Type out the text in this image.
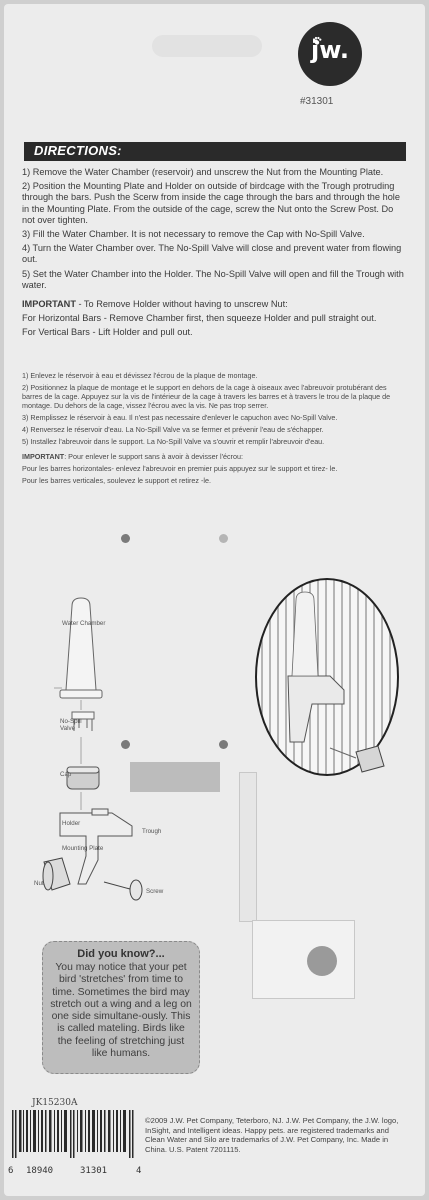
jw.
#31301
DIRECTIONS:

1) Remove the Water Chamber (reservoir) and unscrew the Nut from the Mounting Plate.

2) Position the Mounting Plate and Holder on outside of birdcage with the Trough protruding through the bars. Push the Scerw from inside the cage through the bars and through the hole in the Mounting Plate. From the outside of the cage, screw the Nut onto the Screw Post. Do not over tighten.

3) Fill the Water Chamber. It is not necessary to remove the Cap with No-Spill Valve.

4) Turn the Water Chamber over. The No-Spill Valve will close and prevent water from flowing out.

5) Set the Water Chamber into the Holder. The No-Spill Valve will open and fill the Trough with water.

IMPORTANT - To Remove Holder without having to unscrew Nut:

For Horizontal Bars - Remove Chamber first, then squeeze Holder and pull straight out.

For Vertical Bars - Lift Holder and pull out.

1) Enlevez le réservoir à eau et dévissez l'écrou de la plaque de montage.

2) Positionnez la plaque de montage et le support en dehors de la cage à oiseaux avec l'abreuvoir protubérant des barres de la cage. Appuyez sur la vis de l'intérieur de la cage à travers les barres et à travers le trou de la plaque de montage. Du dehors de la cage, vissez l'écrou avec la vis. Ne pas trop serrer.

3) Remplissez le réservoir à eau. Il n'est pas necessaire d'enlever le capuchon avec No-Spill Valve.

4) Renversez le réservoir d'eau. La No-Spill Valve va se fermer et prévenir l'eau de s'échapper.

5) Installez l'abreuvoir dans le support. La No-Spill Valve va s'ouvrir et remplir l'abreuvoir d'eau.

IMPORTANT: Pour enlever le support sans à avoir à devisser l'écrou:

Pour les barres horizontales- enlevez l'abreuvoir en premier puis appuyez sur le support et tirez- le.

Pour les barres verticales, soulevez le support et retirez -le.

Water Chamber
No-Spill Valve
Cap
Holder
Trough
Mounting Plate
Nut
Screw
Did you know?...
You may notice that your pet bird 'stretches' from time to time. Sometimes the bird may stretch out a wing and a leg on one side simultane-ously. This is called mateling. Birds like the feeling of stretching just like humans.
JK15230A
6 18940	31301	4
©2009 J.W. Pet Company, Teterboro, NJ. J.W. Pet Company, the J.W. logo, InSight, and Intelligent ideas. Happy pets. are registered trademarks and Clean Water and Silo are trademarks of J.W. Pet Company, Inc. Made in China. U.S. Patent 7201115.
